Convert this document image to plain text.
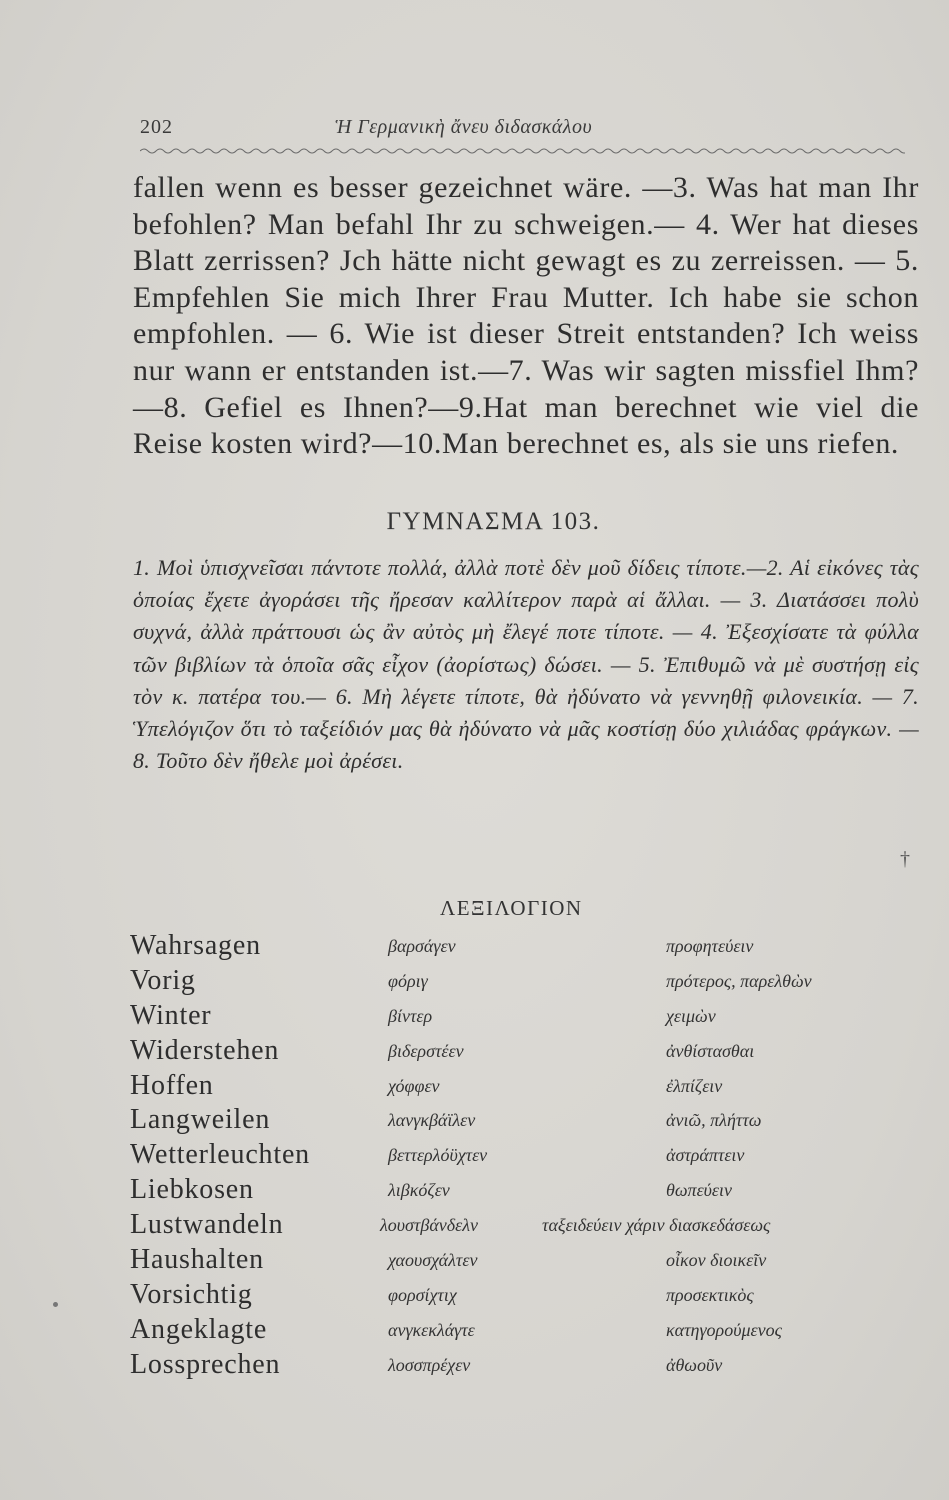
202	Ἡ Γερμανικὴ ἄνευ διδασκάλου

fallen wenn es besser gezeichnet wäre. —3. Was hat man Ihr befohlen? Man befahl Ihr zu schweigen.— 4. Wer hat dieses Blatt zerrissen? Jch hätte nicht gewagt es zu zerreissen. — 5. Empfehlen Sie mich Ihrer Frau Mutter. Ich habe sie schon empfohlen. — 6. Wie ist dieser Streit entstanden? Ich weiss nur wann er entstanden ist.—7. Was wir sagten missfiel Ihm?—8. Gefiel es Ihnen?—9.Hat man berechnet wie viel die Reise kosten wird?—10.Man berechnet es, als sie uns riefen.

ΓΥΜΝΑΣΜΑ 103.

1. Μοὶ ὑπισχνεῖσαι πάντοτε πολλά, ἀλλὰ ποτὲ δὲν μοῦ δίδεις τίποτε.—2. Αἱ εἰκόνες τὰς ὁποίας ἔχετε ἀγοράσει τῆς ἤρεσαν καλλίτερον παρὰ αἱ ἄλλαι. — 3. Διατάσσει πολὺ συχνά, ἀλλὰ πράττουσι ὡς ἂν αὐτὸς μὴ ἔλεγέ ποτε τίποτε. — 4. Ἐξεσχίσατε τὰ φύλλα τῶν βιβλίων τὰ ὁποῖα σᾶς εἶχον (ἀορίστως) δώσει. — 5. Ἐπιθυμῶ νὰ μὲ συστήσῃ εἰς τὸν κ. πατέρα του.— 6. Μὴ λέγετε τίποτε, θὰ ἠδύνατο νὰ γεννηθῇ φιλονεικία. — 7. Ὑπελόγιζον ὅτι τὸ ταξείδιόν μας θὰ ἠδύνατο νὰ μᾶς κοστίσῃ δύο χιλιάδας φράγκων. — 8. Τοῦτο δὲν ἤθελε μοὶ ἀρέσει.

†
ΛΕΞΙΛΟΓΙΟΝ
Wahrsagen	βαρσάγεν	προφητεύειν
Vorig	φόριγ	πρότερος, παρελθὼν
Winter	βίντερ	χειμὼν
Widerstehen	βιδερστέεν	ἀνθίστασθαι
Hoffen	χόφφεν	ἐλπίζειν
Langweilen	λανγκβάϊλεν	ἀνιῶ, πλήττω
Wetterleuchten	βεττερλόϋχτεν	ἀστράπτειν
Liebkosen	λιβκόζεν	θωπεύειν
Lustwandeln	λουστβάνδελν	ταξειδεύειν χάριν διασκεδάσεως
Haushalten	χαουσχάλτεν	οἶκον διοικεῖν
Vorsichtig	φορσίχτιχ	προσεκτικὸς
Angeklagte	ανγκεκλάγτε	κατηγορούμενος
Lossprechen	λοσσπρέχεν	ἀθωοῦν
